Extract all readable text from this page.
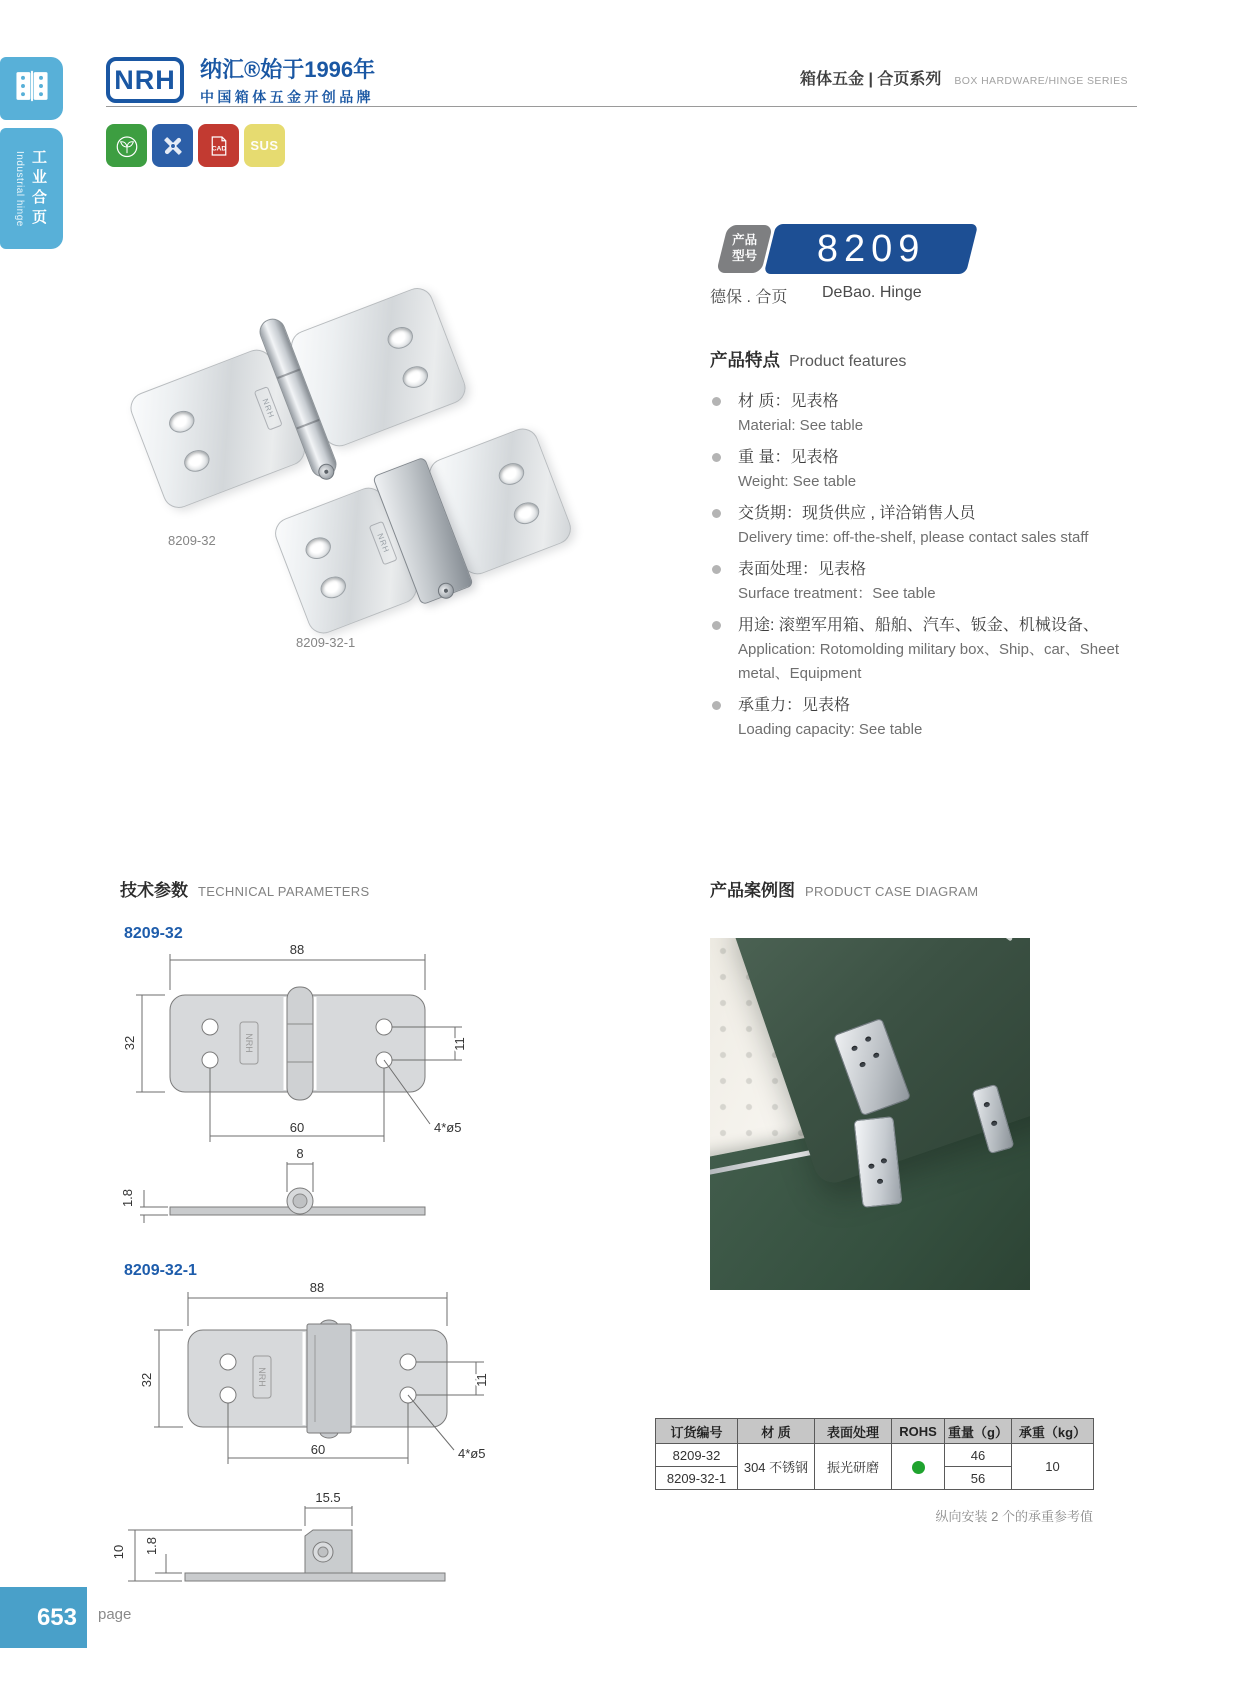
Industrial hinge 工业合页
NRH 纳汇®始于1996年
中国箱体五金开创品牌
箱体五金 | 合页系列 BOX HARDWARE/HINGE SERIES
CAD SUS
产品
型号 8209
德保 . 合页 DeBao. Hinge
产品特点 Product features
材 质：见表格
Material: See table
重 量：见表格
Weight: See table
交货期：现货供应 , 详洽销售人员
Delivery time: off-the-shelf, please contact sales staff
表面处理：见表格
Surface treatment：See table
用途: 滚塑军用箱、船舶、汽车、钣金、机械设备、
Application: Rotomolding military box、Ship、car、Sheet metal、Equipment
承重力：见表格
Loading capacity: See table
NRH
NRH
8209-32
8209-32-1
技术参数 TECHNICAL PARAMETERS
8209-32
NRH
88
32
60
11
4*ø5
8
1.8
8209-32-1
NRH
88
32
60
11
4*ø5
15.5
10 1.8
产品案例图 PRODUCT CASE DIAGRAM
订货编号	材 质	表面处理	ROHS	重量（g）	承重（kg）
8209-32	304 不锈钢	振光研磨		46	10
8209-32-1				56	
纵向安装 2 个的承重参考值
653	page
